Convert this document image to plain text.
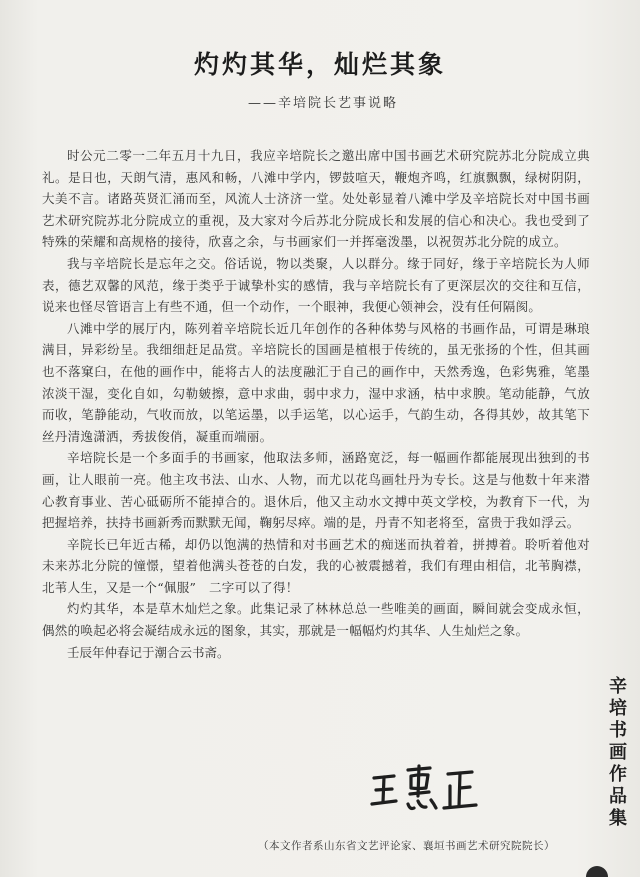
灼灼其华，灿烂其象
——辛培院长艺事说略

时公元二零一二年五月十九日，我应辛培院长之邀出席中国书画艺术研究院苏北分院成立典礼。是日也，天朗气清，惠风和畅，八滩中学内，锣鼓喧天，鞭炮齐鸣，红旗飘飘，绿树阴阴，大美不言。诸路英贤汇涌而至，风流人士济济一堂。处处彰显着八滩中学及辛培院长对中国书画艺术研究院苏北分院成立的重视，及大家对今后苏北分院成长和发展的信心和决心。我也受到了特殊的荣耀和高规格的接待，欣喜之余，与书画家们一并挥毫泼墨，以祝贺苏北分院的成立。

我与辛培院长是忘年之交。俗话说，物以类聚，人以群分。缘于同好，缘于辛培院长为人师表，德艺双馨的风范，缘于类乎于诚挚朴实的感情，我与辛培院长有了更深层次的交往和互信，说来也怪尽管语言上有些不通，但一个动作，一个眼神，我便心领神会，没有任何隔阂。

八滩中学的展厅内，陈列着辛培院长近几年创作的各种体势与风格的书画作品，可谓是琳琅满目，异彩纷呈。我细细赶足品赏。辛培院长的国画是植根于传统的，虽无张扬的个性，但其画也不落窠臼，在他的画作中，能将古人的法度融汇于自己的画作中，天然秀逸，色彩隽雅，笔墨浓淡干湿，变化自如，勾勒皴擦，意中求曲，弱中求力，湿中求涵，枯中求腴。笔动能静，气放而收，笔静能动，气收而放，以笔运墨，以手运笔，以心运手，气韵生动，各得其妙，故其笔下丝丹清逸潇洒，秀拔俊俏，凝重而端丽。

辛培院长是一个多面手的书画家，他取法多师，涵路宽泛，每一幅画作都能展现出独到的书画，让人眼前一亮。他主攻书法、山水、人物，而尤以花鸟画牡丹为专长。这是与他数十年来潜心教育事业、苦心砥砺所不能掉合的。退休后，他又主动水文搏中英文学校，为教育下一代，为把握培养，扶持书画新秀而默默无闻，鞠躬尽瘁。端的是，丹青不知老将至，富贵于我如浮云。

辛院长已年近古稀，却仍以饱满的热情和对书画艺术的痴迷而执着着，拼搏着。聆听着他对未来苏北分院的憧憬，望着他满头苍苍的白发，我的心被震撼着，我们有理由相信，北苇胸襟，北苇人生，又是一个“佩服”　二字可以了得！

灼灼其华，本是草木灿烂之象。此集记录了林林总总一些唯美的画面，瞬间就会变成永恒，偶然的唤起必将会凝结成永远的图象，其实，那就是一幅幅灼灼其华、人生灿烂之象。

壬辰年仲春记于潮合云书斋。

（本文作者系山东省文艺评论家、襄垣书画艺术研究院院长）
辛培书画作品集
